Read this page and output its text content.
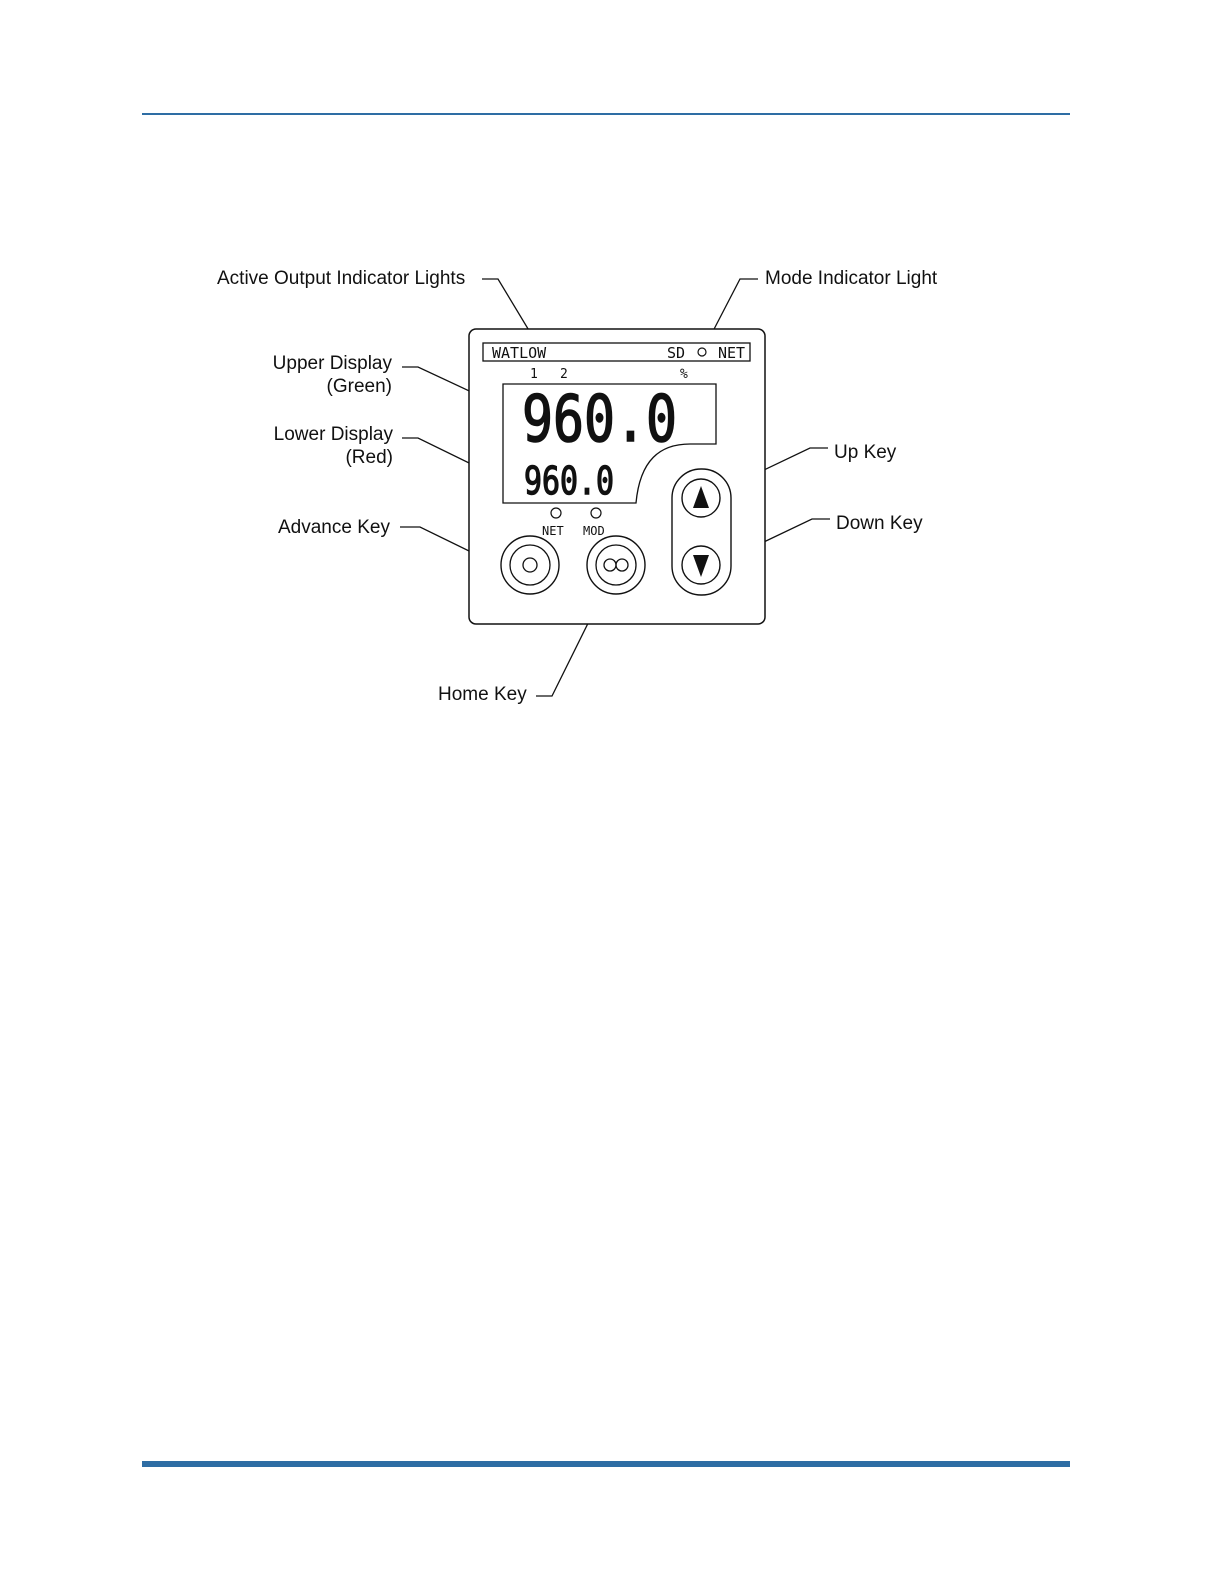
Active Output Indicator Lights	Mode Indicator Light
Upper Display
(Green)
Lower Display
(Red)
Advance Key
Up Key
Down Key
Home Key
WATLOW	SD NET
1 2	%
960.0
960.0
NET MOD
